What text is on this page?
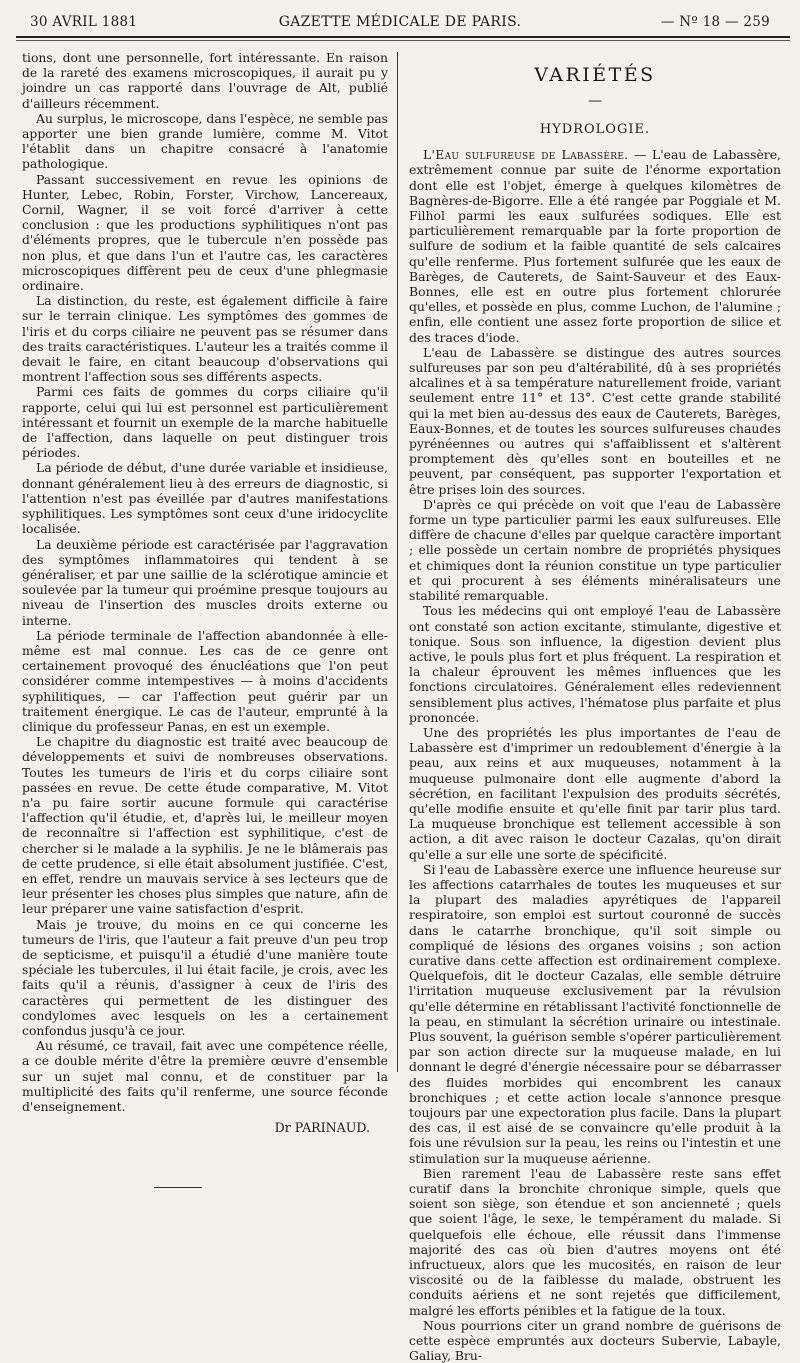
30 AVRIL 1881	GAZETTE MÉDICALE DE PARIS.	— Nº 18 — 259

tions, dont une personnelle, fort intéressante. En raison de la rareté des examens microscopiques, il aurait pu y joindre un cas rapporté dans l'ouvrage de Alt, publié d'ailleurs récemment.

Au surplus, le microscope, dans l'espèce, ne semble pas apporter une bien grande lumière, comme M. Vitot l'établit dans un chapitre consacré à l'anatomie pathologique.

Passant successivement en revue les opinions de Hunter, Lebec, Robin, Forster, Virchow, Lancereaux, Cornil, Wagner, il se voit forcé d'arriver à cette conclusion : que les productions syphilitiques n'ont pas d'éléments propres, que le tubercule n'en possède pas non plus, et que dans l'un et l'autre cas, les caractères microscopiques diffèrent peu de ceux d'une phlegmasie ordinaire.

La distinction, du reste, est également difficile à faire sur le terrain clinique. Les symptômes des gommes de l'iris et du corps ciliaire ne peuvent pas se résumer dans des traits caractéristiques. L'auteur les a traités comme il devait le faire, en citant beaucoup d'observations qui montrent l'affection sous ses différents aspects.

Parmi ces faits de gommes du corps ciliaire qu'il rapporte, celui qui lui est personnel est particulièrement intéressant et fournit un exemple de la marche habituelle de l'affection, dans laquelle on peut distinguer trois périodes.

La période de début, d'une durée variable et insidieuse, donnant généralement lieu à des erreurs de diagnostic, si l'attention n'est pas éveillée par d'autres manifestations syphilitiques. Les symptômes sont ceux d'une iridocyclite localisée.

La deuxième période est caractérisée par l'aggravation des symptômes inflammatoires qui tendent à se généraliser, et par une saillie de la sclérotique amincie et soulevée par la tumeur qui proémine presque toujours au niveau de l'insertion des muscles droits externe ou interne.

La période terminale de l'affection abandonnée à elle-même est mal connue. Les cas de ce genre ont certainement provoqué des énucléations que l'on peut considérer comme intempestives — à moins d'accidents syphilitiques, — car l'affection peut guérir par un traitement énergique. Le cas de l'auteur, emprunté à la clinique du professeur Panas, en est un exemple.

Le chapitre du diagnostic est traité avec beaucoup de développements et suivi de nombreuses observations. Toutes les tumeurs de l'iris et du corps ciliaire sont passées en revue. De cette étude comparative, M. Vitot n'a pu faire sortir aucune formule qui caractérise l'affection qu'il étudie, et, d'après lui, le meilleur moyen de reconnaître si l'affection est syphilitique, c'est de chercher si le malade a la syphilis. Je ne le blâmerais pas de cette prudence, si elle était absolument justifiée. C'est, en effet, rendre un mauvais service à ses lecteurs que de leur présenter les choses plus simples que nature, afin de leur préparer une vaine satisfaction d'esprit.

Mais je trouve, du moins en ce qui concerne les tumeurs de l'iris, que l'auteur a fait preuve d'un peu trop de septicisme, et puisqu'il a étudié d'une manière toute spéciale les tubercules, il lui était facile, je crois, avec les faits qu'il a réunis, d'assigner à ceux de l'iris des caractères qui permettent de les distinguer des condylomes avec lesquels on les a certainement confondus jusqu'à ce jour.

Au résumé, ce travail, fait avec une compétence réelle, a ce double mérite d'être la première œuvre d'ensemble sur un sujet mal connu, et de constituer par la multiplicité des faits qu'il renferme, une source féconde d'enseignement.

Dr PARINAUD.
VARIÉTÉS
—
HYDROLOGIE.

L'Eau sulfureuse de Labassère. — L'eau de Labassère, extrêmement connue par suite de l'énorme exportation dont elle est l'objet, émerge à quelques kilomètres de Bagnères-de-Bigorre. Elle a été rangée par Poggiale et M. Filhol parmi les eaux sulfurées sodiques. Elle est particulièrement remarquable par la forte proportion de sulfure de sodium et la faible quantité de sels calcaires qu'elle renferme. Plus fortement sulfurée que les eaux de Barèges, de Cauterets, de Saint-Sauveur et des Eaux-Bonnes, elle est en outre plus fortement chlorurée qu'elles, et possède en plus, comme Luchon, de l'alumine ; enfin, elle contient une assez forte proportion de silice et des traces d'iode.

L'eau de Labassère se distingue des autres sources sulfureuses par son peu d'altérabilité, dû à ses propriétés alcalines et à sa température naturellement froide, variant seulement entre 11° et 13°. C'est cette grande stabilité qui la met bien au-dessus des eaux de Cauterets, Barèges, Eaux-Bonnes, et de toutes les sources sulfureuses chaudes pyrénéennes ou autres qui s'affaiblissent et s'altèrent promptement dès qu'elles sont en bouteilles et ne peuvent, par conséquent, pas supporter l'exportation et être prises loin des sources.

D'après ce qui précède on voit que l'eau de Labassère forme un type particulier parmi les eaux sulfureuses. Elle diffère de chacune d'elles par quelque caractère important ; elle possède un certain nombre de propriétés physiques et chimiques dont la réunion constitue un type particulier et qui procurent à ses éléments minéralisateurs une stabilité remarquable.

Tous les médecins qui ont employé l'eau de Labassère ont constaté son action excitante, stimulante, digestive et tonique. Sous son influence, la digestion devient plus active, le pouls plus fort et plus fréquent. La respiration et la chaleur éprouvent les mêmes influences que les fonctions circulatoires. Généralement elles redeviennent sensiblement plus actives, l'hématose plus parfaite et plus prononcée.

Une des propriétés les plus importantes de l'eau de Labassère est d'imprimer un redoublement d'énergie à la peau, aux reins et aux muqueuses, notamment à la muqueuse pulmonaire dont elle augmente d'abord la sécrétion, en facilitant l'expulsion des produits sécrétés, qu'elle modifie ensuite et qu'elle finit par tarir plus tard. La muqueuse bronchique est tellement accessible à son action, a dit avec raison le docteur Cazalas, qu'on dirait qu'elle a sur elle une sorte de spécificité.

Si l'eau de Labassère exerce une influence heureuse sur les affections catarrhales de toutes les muqueuses et sur la plupart des maladies apyrétiques de l'appareil respiratoire, son emploi est surtout couronné de succès dans le catarrhe bronchique, qu'il soit simple ou compliqué de lésions des organes voisins ; son action curative dans cette affection est ordinairement complexe. Quelquefois, dit le docteur Cazalas, elle semble détruire l'irritation muqueuse exclusivement par la révulsion qu'elle détermine en rétablissant l'activité fonctionnelle de la peau, en stimulant la sécrétion urinaire ou intestinale. Plus souvent, la guérison semble s'opérer particulièrement par son action directe sur la muqueuse malade, en lui donnant le degré d'énergie nécessaire pour se débarrasser des fluides morbides qui encombrent les canaux bronchiques ; et cette action locale s'annonce presque toujours par une expectoration plus facile. Dans la plupart des cas, il est aisé de se convaincre qu'elle produit à la fois une révulsion sur la peau, les reins ou l'intestin et une stimulation sur la muqueuse aérienne.

Bien rarement l'eau de Labassère reste sans effet curatif dans la bronchite chronique simple, quels que soient son siège, son étendue et son ancienneté ; quels que soient l'âge, le sexe, le tempérament du malade. Si quelquefois elle échoue, elle réussit dans l'immense majorité des cas où bien d'autres moyens ont été infructueux, alors que les mucosités, en raison de leur viscosité ou de la faiblesse du malade, obstruent les conduits aériens et ne sont rejetés que difficilement, malgré les efforts pénibles et la fatigue de la toux.

Nous pourrions citer un grand nombre de guérisons de cette espèce empruntés aux docteurs Subervie, Labayle, Galiay, Bru-
